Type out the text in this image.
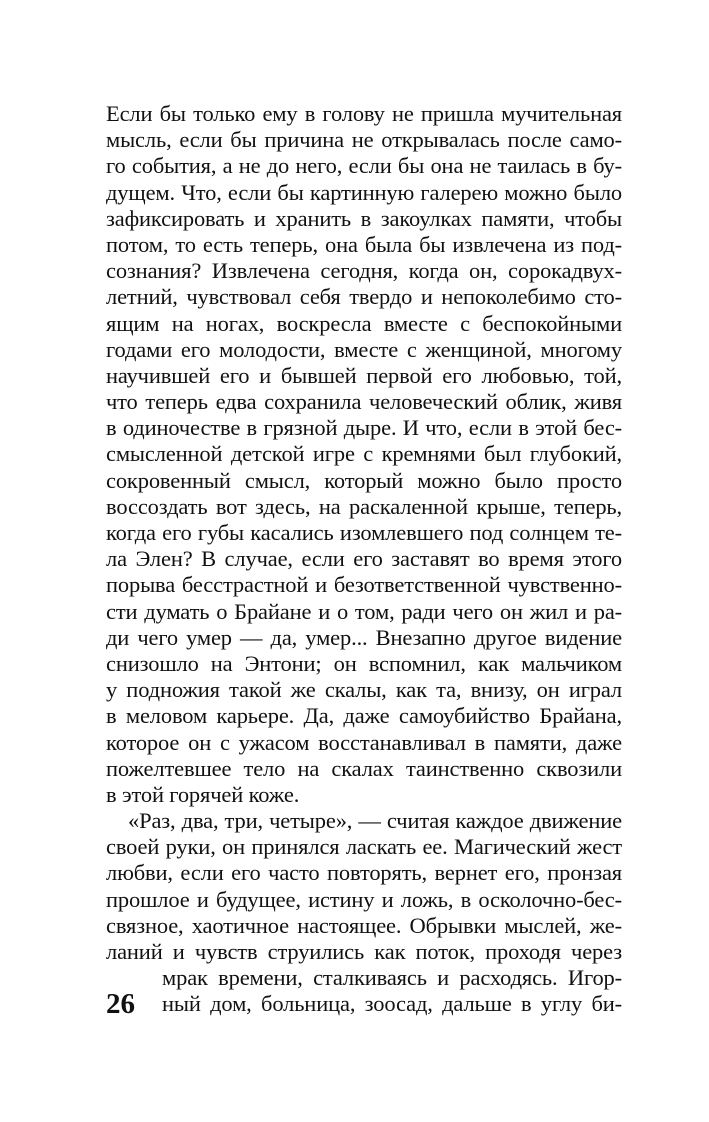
Если бы только ему в голову не пришла мучительная
мысль, если бы причина не открывалась после само-
го события, а не до него, если бы она не таилась в бу-
дущем. Что, если бы картинную галерею можно было
зафиксировать и хранить в закоулках памяти, чтобы
потом, то есть теперь, она была бы извлечена из под-
сознания? Извлечена сегодня, когда он, сорокадвух-
летний, чувствовал себя твердо и непоколебимо сто-
ящим на ногах, воскресла вместе с беспокойными
годами его молодости, вместе с женщиной, многому
научившей его и бывшей первой его любовью, той,
что теперь едва сохранила человеческий облик, живя
в одиночестве в грязной дыре. И что, если в этой бес-
смысленной детской игре с кремнями был глубокий,
сокровенный смысл, который можно было просто
воссоздать вот здесь, на раскаленной крыше, теперь,
когда его губы касались изомлевшего под солнцем те-
ла Элен? В случае, если его заставят во время этого
порыва бесстрастной и безответственной чувственно-
сти думать о Брайане и о том, ради чего он жил и ра-
ди чего умер — да, умер... Внезапно другое видение
снизошло на Энтони; он вспомнил, как мальчиком
у подножия такой же скалы, как та, внизу, он играл
в меловом карьере. Да, даже самоубийство Брайана,
которое он с ужасом восстанавливал в памяти, даже
пожелтевшее тело на скалах таинственно сквозили
в этой горячей коже.
«Раз, два, три, четыре», — считая каждое движение
своей руки, он принялся ласкать ее. Магический жест
любви, если его часто повторять, вернет его, пронзая
прошлое и будущее, истину и ложь, в осколочно-бес-
связное, хаотичное настоящее. Обрывки мыслей, же-
ланий и чувств струились как поток, проходя через
мрак времени, сталкиваясь и расходясь. Игор-
ный дом, больница, зоосад, дальше в углу би-
26
